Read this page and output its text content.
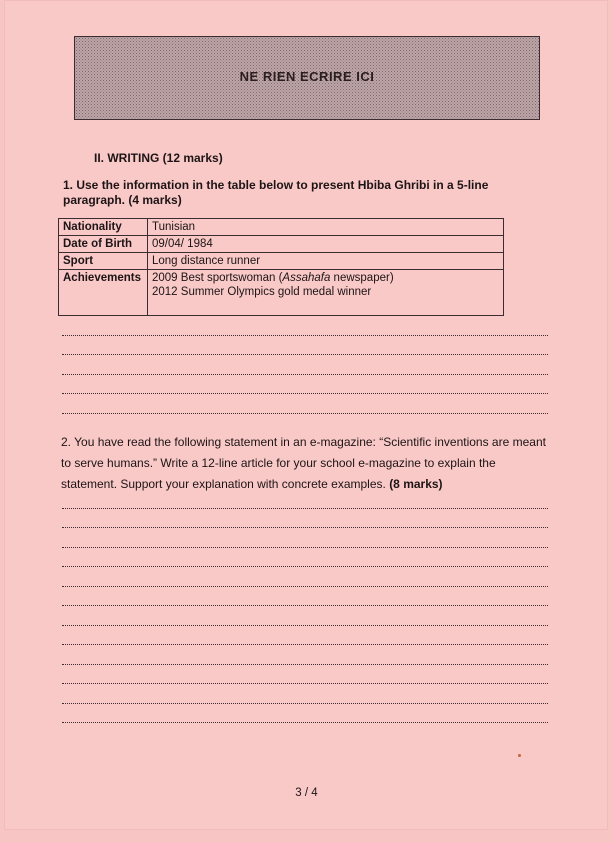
NE RIEN ECRIRE ICI
II. WRITING (12 marks)
1. Use the information in the table below to present Hbiba Ghribi in a 5-line paragraph. (4 marks)
Nationality	Tunisian
Date of Birth	09/04/ 1984
Sport	Long distance runner
Achievements	2009 Best sportswoman (Assahafa newspaper)
2012 Summer Olympics gold medal winner
2. You have read the following statement in an e-magazine: “Scientific inventions are meant to serve humans.” Write a 12-line article for your school e-magazine to explain the statement. Support your explanation with concrete examples. (8 marks)
3 / 4
